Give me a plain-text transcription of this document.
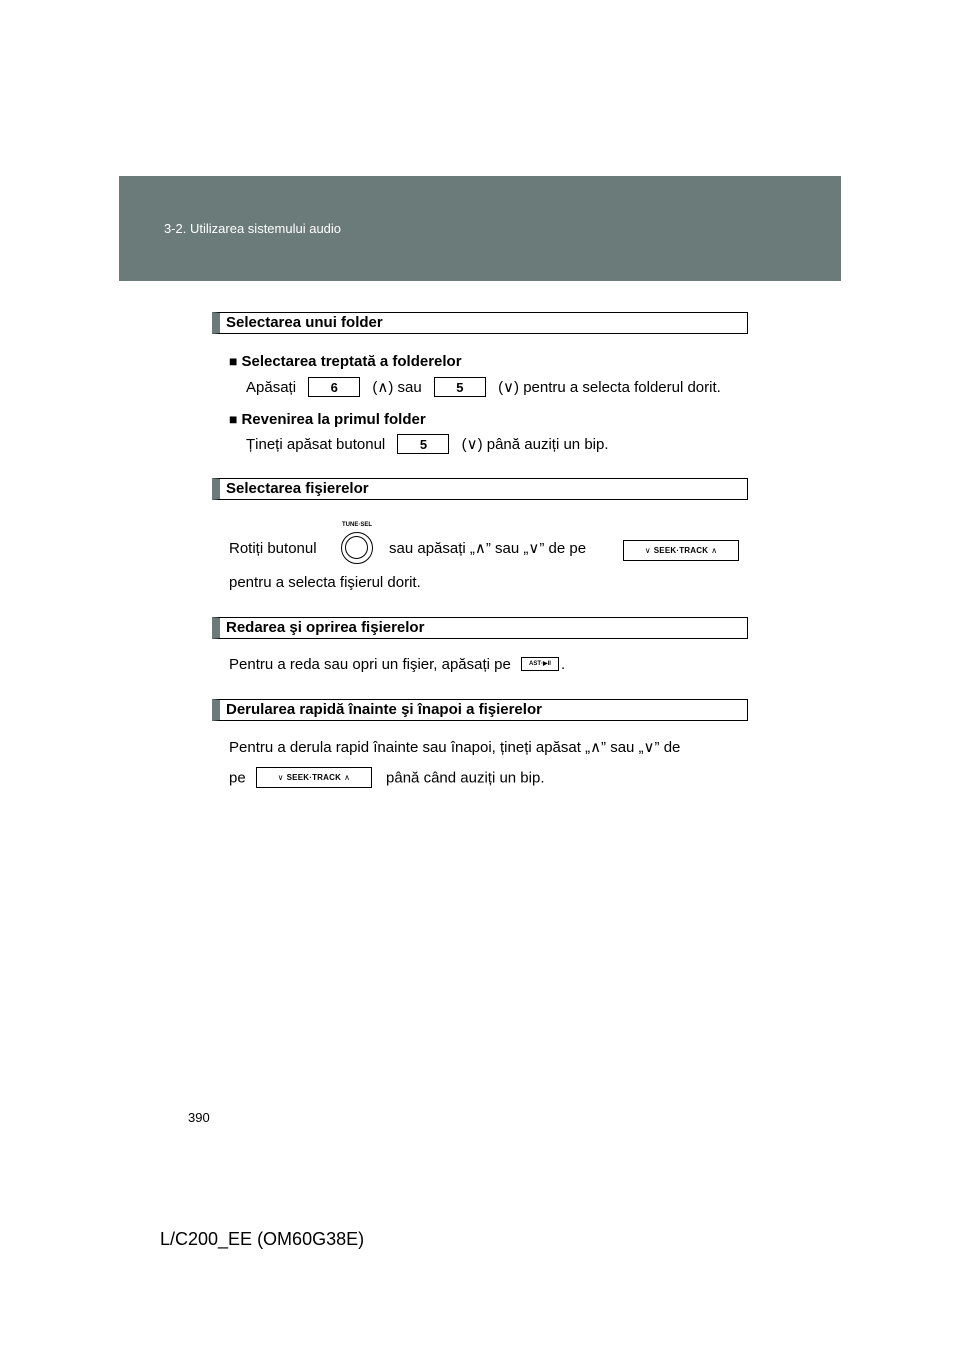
3-2. Utilizarea sistemului audio
Selectarea unui folder
■ Selectarea treptată a folderelor
Apăsați	6 (∧) sau	5 (∨) pentru a selecta folderul dorit.
■ Revenirea la primul folder
Țineți apăsat butonul	5 (∨) până auziți un bip.
Selectarea fişierelor
Rotiți butonul
TUNE·SEL
sau apăsați „∧” sau „∨” de pe	∨ SEEK·TRACK ∧
pentru a selecta fişierul dorit.
Redarea şi oprirea fişierelor
Pentru a reda sau opri un fişier, apăsați pe	AST·▶II .
Derularea rapidă înainte şi înapoi a fişierelor
Pentru a derula rapid înainte sau înapoi, țineți apăsat „∧” sau „∨” de
pe	∨ SEEK·TRACK ∧ până când auziți un bip.
390
L/C200_EE (OM60G38E)
